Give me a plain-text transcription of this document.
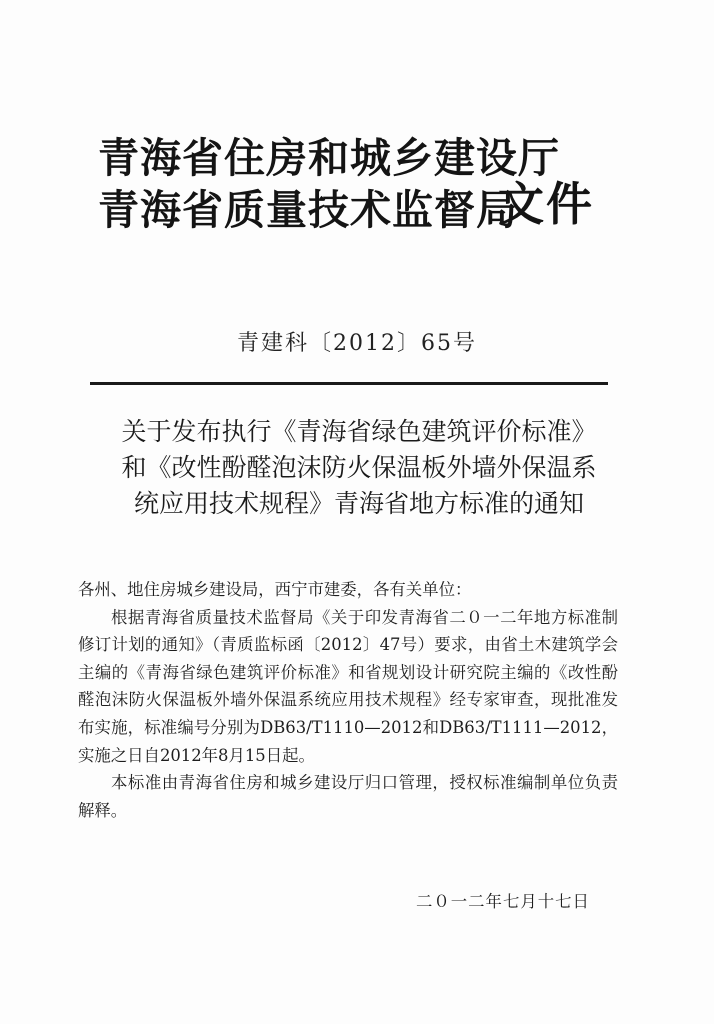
青海省住房和城乡建设厅
青海省质量技术监督局
文件
青建科〔2012〕65号
关于发布执行《青海省绿色建筑评价标准》
和《改性酚醛泡沫防火保温板外墙外保温系
统应用技术规程》青海省地方标准的通知
各州、地住房城乡建设局，西宁市建委，各有关单位：
根据青海省质量技术监督局《关于印发青海省二０一二年地方标准制修订计划的通知》（青质监标函〔2012〕47号）要求，由省土木建筑学会主编的《青海省绿色建筑评价标准》和省规划设计研究院主编的《改性酚醛泡沫防火保温板外墙外保温系统应用技术规程》经专家审查，现批准发布实施，标准编号分别为DB63/T1110—2012和DB63/T1111—2012，实施之日自2012年8月15日起。
本标准由青海省住房和城乡建设厅归口管理，授权标准编制单位负责解释。
二０一二年七月十七日
